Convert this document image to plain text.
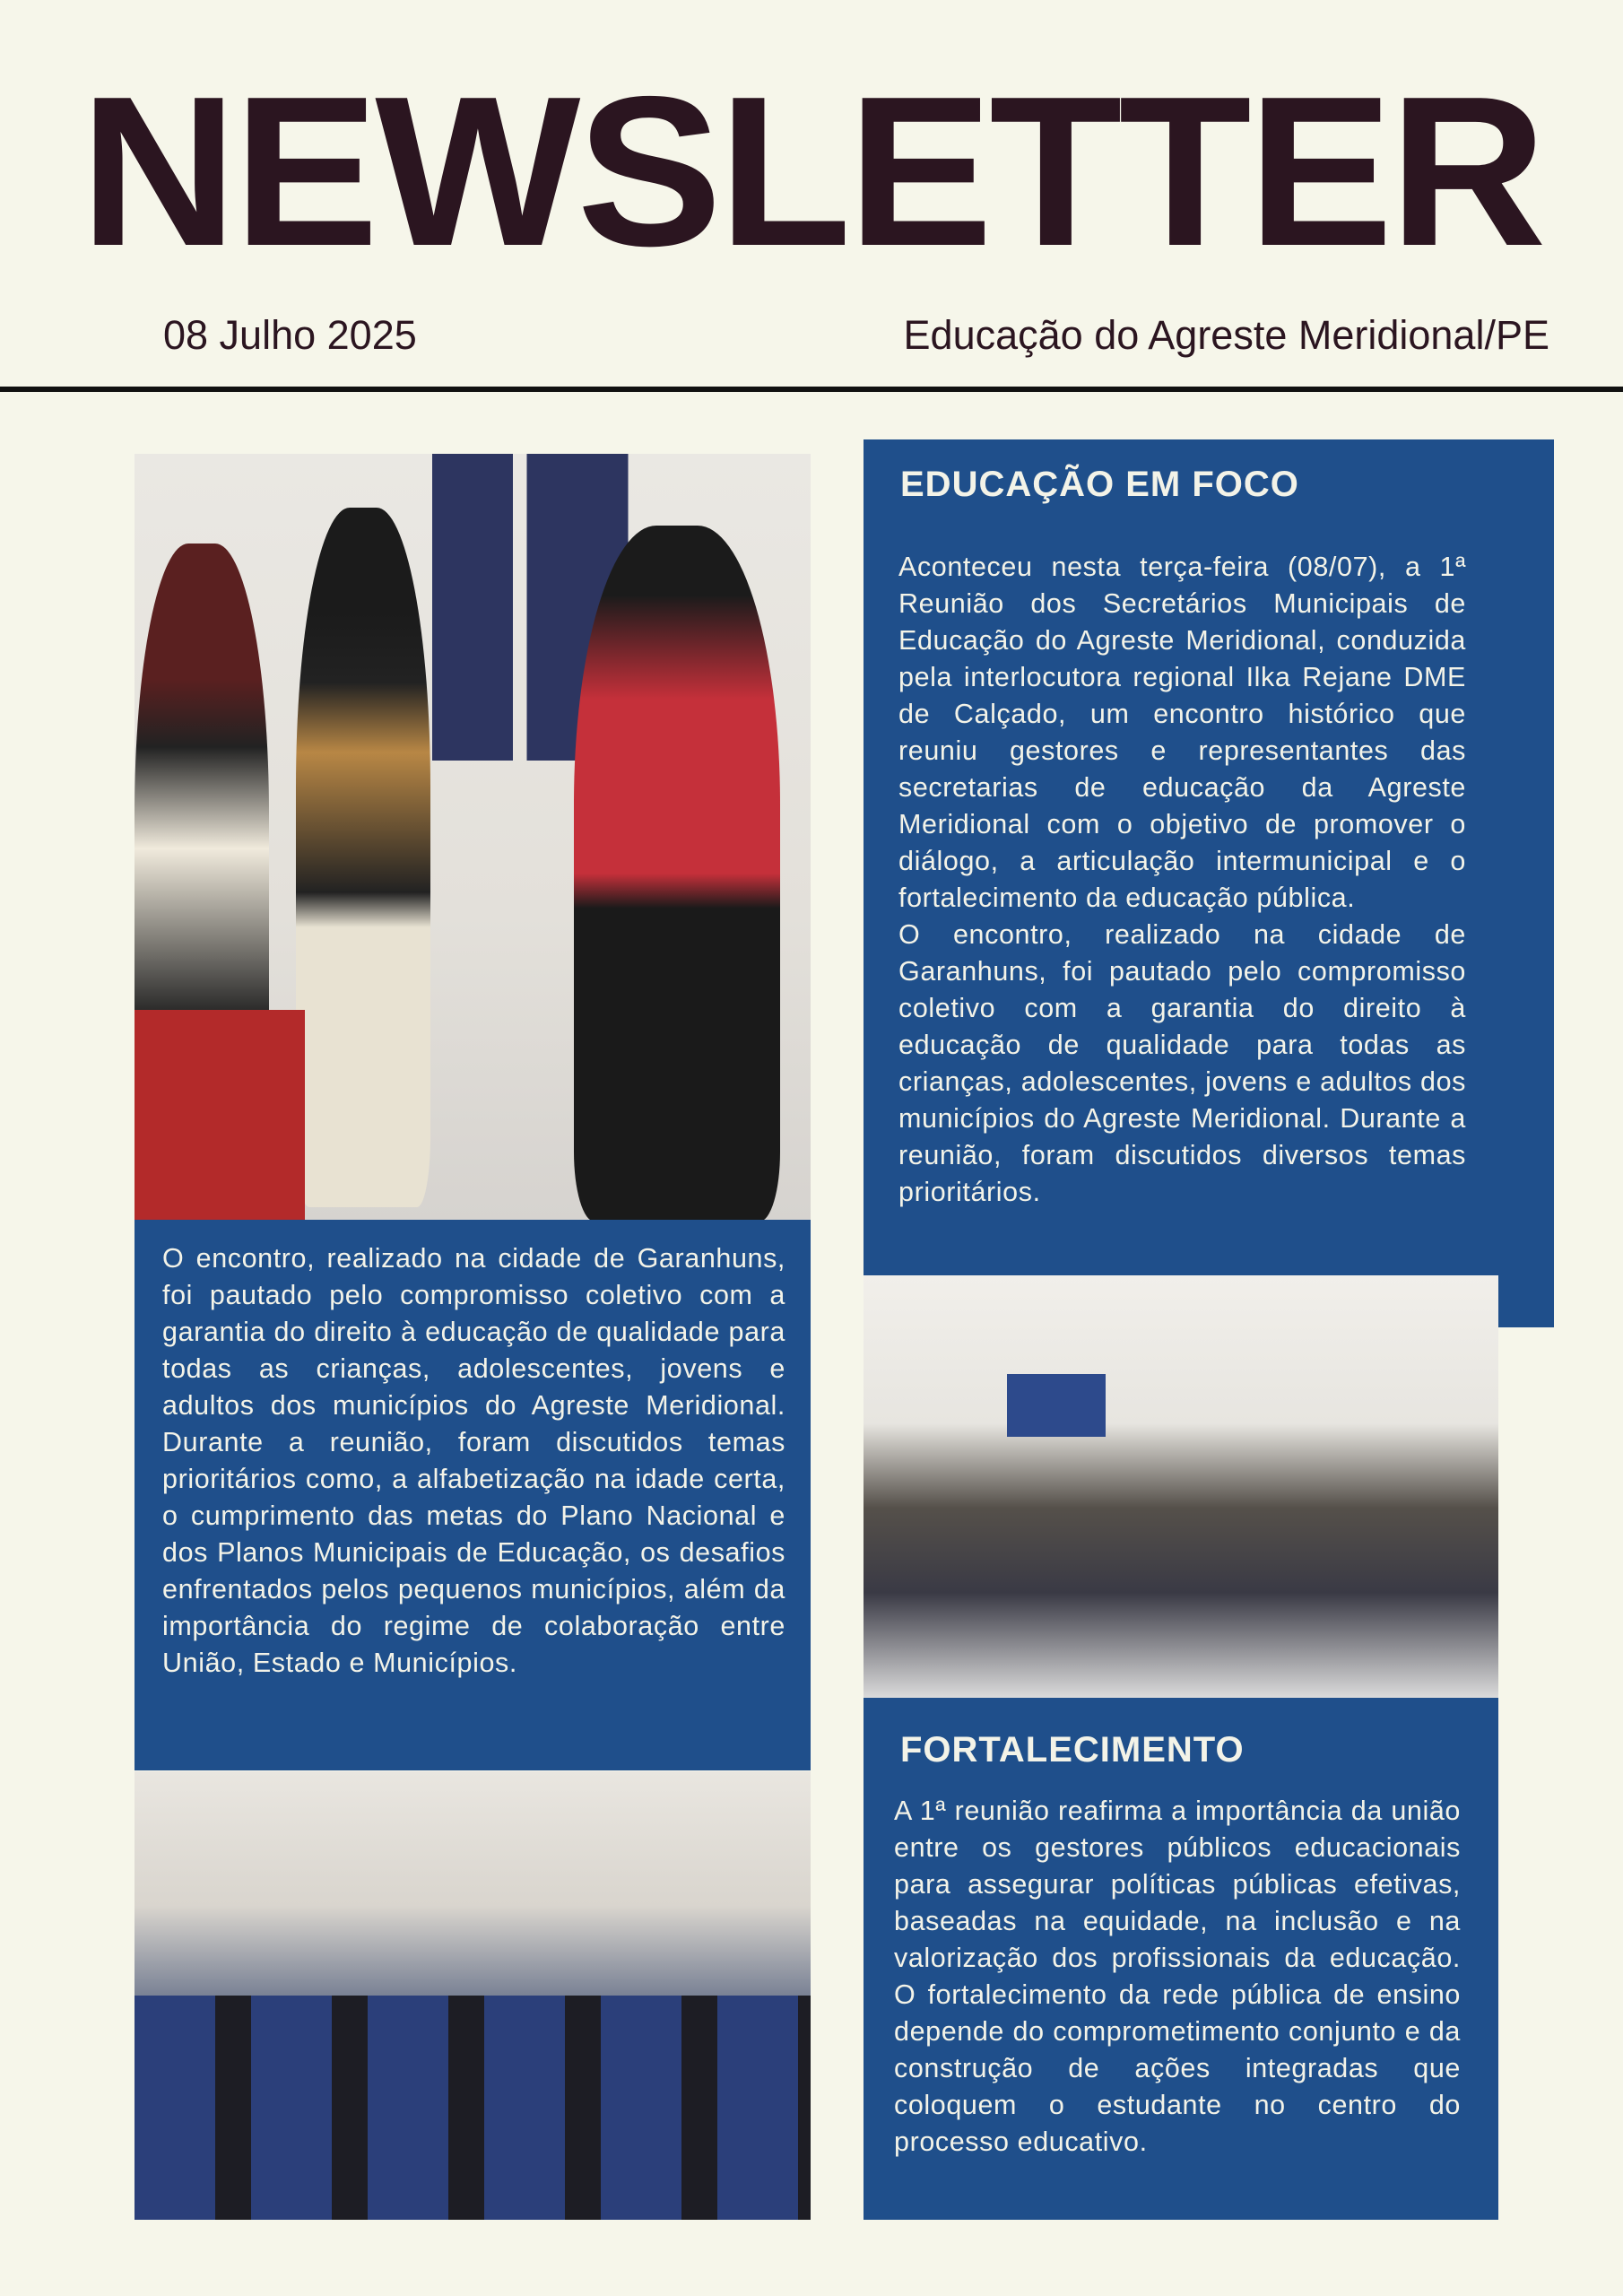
NEWSLETTER
08 Julho 2025	Educação do Agreste Meridional/PE
O encontro, realizado na cidade de Garanhuns, foi pautado pelo compromisso coletivo com a garantia do direito à educação de qualidade para todas as crianças, adolescentes, jovens e adultos dos municípios do Agreste Meridional. Durante a reunião, foram discutidos temas prioritários como, a alfabetização na idade certa, o cumprimento das metas do Plano Nacional e dos Planos Municipais de Educação, os desafios enfrentados pelos pequenos municípios, além da importância do regime de colaboração entre União, Estado e Municípios.
EDUCAÇÃO EM FOCO
Aconteceu nesta terça-feira (08/07), a 1ª Reunião dos Secretários Municipais de Educação do Agreste Meridional, conduzida pela interlocutora regional Ilka Rejane DME de Calçado, um encontro histórico que reuniu gestores e representantes das secretarias de educação da Agreste Meridional com o objetivo de promover o diálogo, a articulação intermunicipal e o fortalecimento da educação pública.
O encontro, realizado na cidade de Garanhuns, foi pautado pelo compromisso coletivo com a garantia do direito à educação de qualidade para todas as crianças, adolescentes, jovens e adultos dos municípios do Agreste Meridional. Durante a reunião, foram discutidos diversos temas prioritários.
FORTALECIMENTO
A 1ª reunião reafirma a importância da união entre os gestores públicos educacionais para assegurar políticas públicas efetivas, baseadas na equidade, na inclusão e na valorização dos profissionais da educação. O fortalecimento da rede pública de ensino depende do comprometimento conjunto e da construção de ações integradas que coloquem o estudante no centro do processo educativo.
